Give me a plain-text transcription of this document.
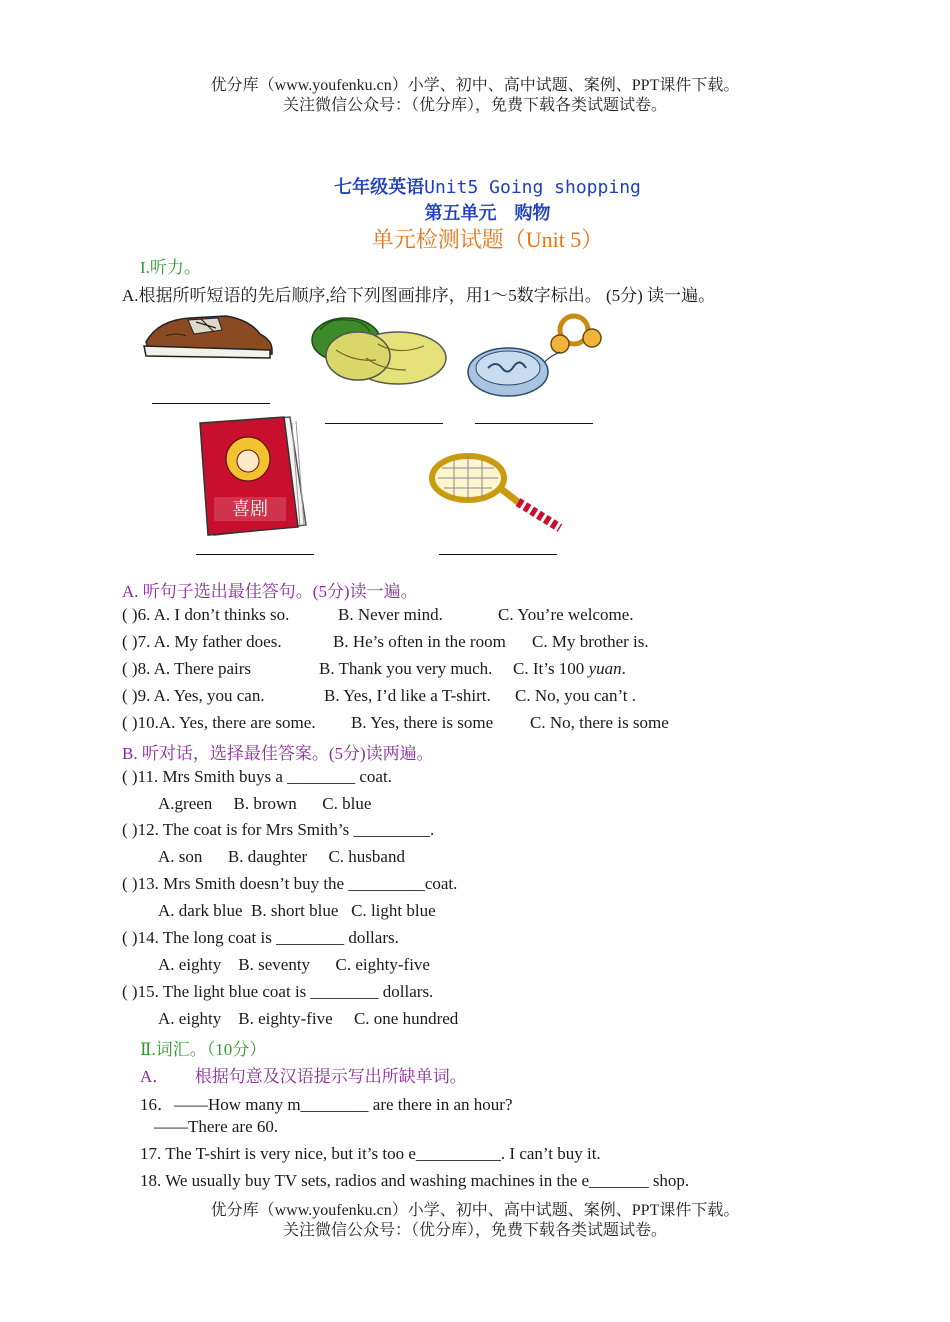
优分库（www.youfenku.cn）小学、初中、高中试题、案例、PPT课件下载。
关注微信公众号：（优分库），免费下载各类试题试卷。
七年级英语Unit5 Going shopping
第五单元　购物
单元检测试题（Unit 5）
I.听力。
A.根据所听短语的先后顺序,给下列图画排序，用1～5数字标出。 (5分) 读一遍。
喜剧
A. 听句子选出最佳答句。(5分)读一遍。
( )6. A. I don’t thinks so.	B. Never mind.	C. You’re welcome.
( )7. A. My father does.	B. He’s often in the room C. My brother is.
( )8. A. There pairs	B. Thank you very much. C. It’s 100 yuan.
( )9. A. Yes, you can.	B. Yes, I’d like a T-shirt. C. No, you can’t .
( )10.A. Yes, there are some. B. Yes, there is some C. No, there is some
B. 听对话，选择最佳答案。(5分)读两遍。
( )11. Mrs Smith buys a ________ coat.
A.green     B. brown      C. blue
( )12. The coat is for Mrs Smith’s _________.
A. son      B. daughter     C. husband
( )13. Mrs Smith doesn’t buy the _________coat.
A. dark blue  B. short blue   C. light blue
( )14. The long coat is ________ dollars.
A. eighty    B. seventy      C. eighty-five
( )15. The light blue coat is ________ dollars.
A. eighty    B. eighty-five     C. one hundred
Ⅱ.词汇。（10分）
A．      根据句意及汉语提示写出所缺单词。
16．——How many m________ are there in an hour?
——There are 60.
17. The T-shirt is very nice, but it’s too e__________. I can’t buy it.
18. We usually buy TV sets, radios and washing machines in the e_______ shop.
优分库（www.youfenku.cn）小学、初中、高中试题、案例、PPT课件下载。
关注微信公众号：（优分库），免费下载各类试题试卷。
